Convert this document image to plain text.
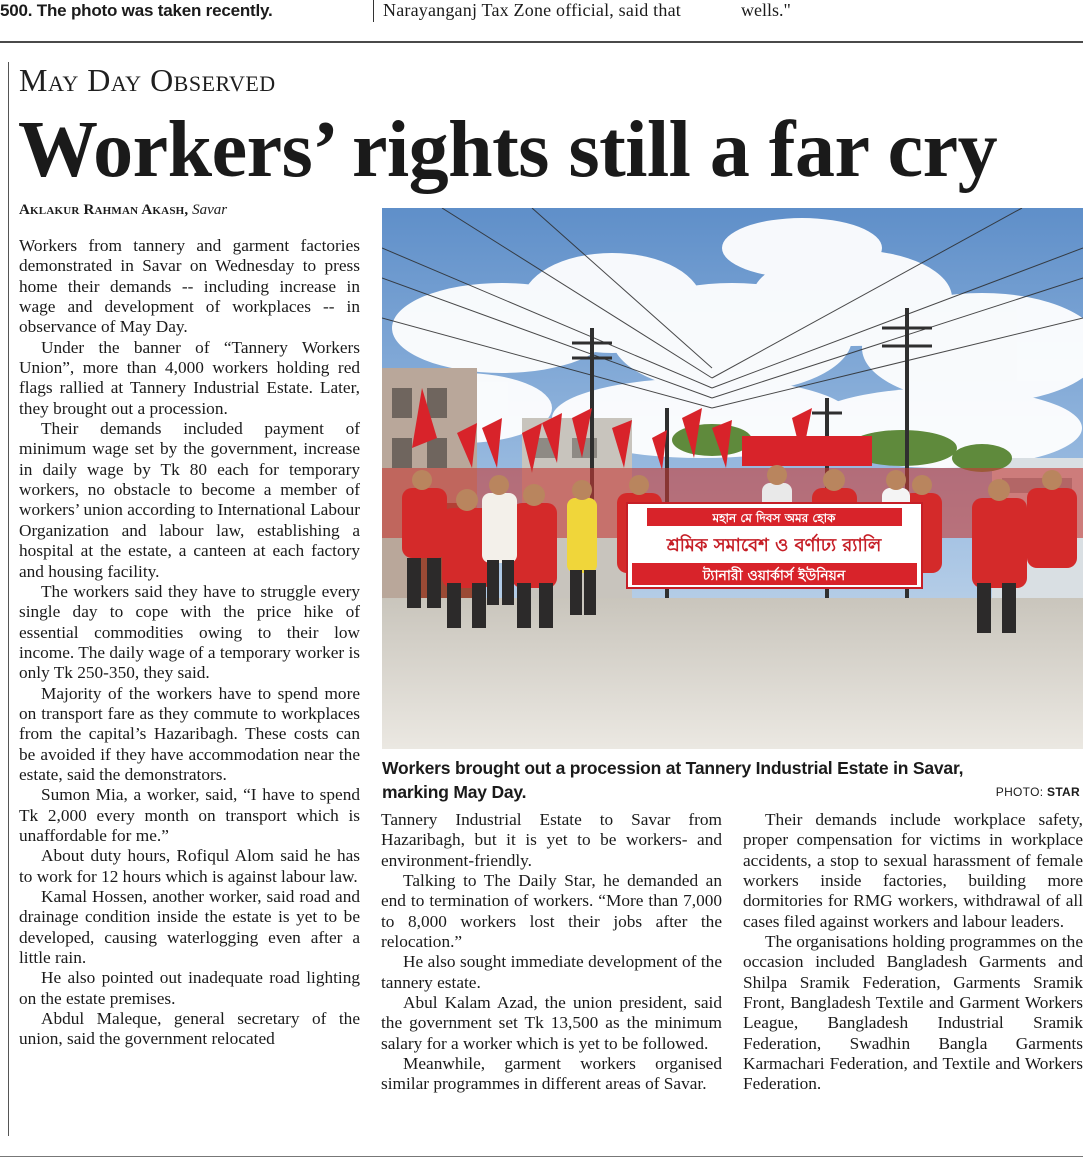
500. The photo was taken recently.	Narayanganj Tax Zone official, said that	wells."
May Day Observed
Workers’ rights still a far cry
Aklakur Rahman Akash, Savar

Workers from tannery and garment factories demonstrated in Savar on Wednesday to press home their demands -- including increase in wage and development of workplaces -- in observance of May Day.

Under the banner of “Tannery Workers Union”, more than 4,000 workers holding red flags rallied at Tannery Industrial Estate. Later, they brought out a procession.

Their demands included payment of minimum wage set by the government, increase in daily wage by Tk 80 each for temporary workers, no obstacle to become a member of workers’ union according to International Labour Organization and labour law, establishing a hospital at the estate, a canteen at each factory and housing facility.

The workers said they have to struggle every single day to cope with the price hike of essential commodities owing to their low income. The daily wage of a temporary worker is only Tk 250-350, they said.

Majority of the workers have to spend more on transport fare as they commute to workplaces from the capital’s Hazaribagh. These costs can be avoided if they have accommodation near the estate, said the demonstrators.

Sumon Mia, a worker, said, “I have to spend Tk 2,000 every month on transport which is unaffordable for me.”

About duty hours, Rofiqul Alom said he has to work for 12 hours which is against labour law.

Kamal Hossen, another worker, said road and drainage condition inside the estate is yet to be developed, causing waterlogging even after a little rain.

He also pointed out inadequate road lighting on the estate premises.

Abdul Maleque, general secretary of the union, said the government relocated

মহান মে দিবস অমর হোক
শ্রমিক সমাবেশ ও বর্ণাঢ্য র‍্যালি
ট্যানারী ওয়ার্কার্স ইউনিয়ন
Workers brought out a procession at Tannery Industrial Estate in Savar, marking May Day.	PHOTO: STAR

Tannery Industrial Estate to Savar from Hazaribagh, but it is yet to be workers- and environment-friendly.

Talking to The Daily Star, he demanded an end to termination of workers. “More than 7,000 to 8,000 workers lost their jobs after the relocation.”

He also sought immediate development of the tannery estate.

Abul Kalam Azad, the union president, said the government set Tk 13,500 as the minimum salary for a worker which is yet to be followed.

Meanwhile, garment workers organised similar programmes in different areas of Savar.

Their demands include workplace safety, proper compensation for victims in workplace accidents, a stop to sexual harassment of female workers inside factories, building more dormitories for RMG workers, withdrawal of all cases filed against workers and labour leaders.

The organisations holding programmes on the occasion included Bangladesh Garments and Shilpa Sramik Federation, Garments Sramik Front, Bangladesh Textile and Garment Workers League, Bangladesh Industrial Sramik Federation, Swadhin Bangla Garments Karmachari Federation, and Textile and Workers Federation.
